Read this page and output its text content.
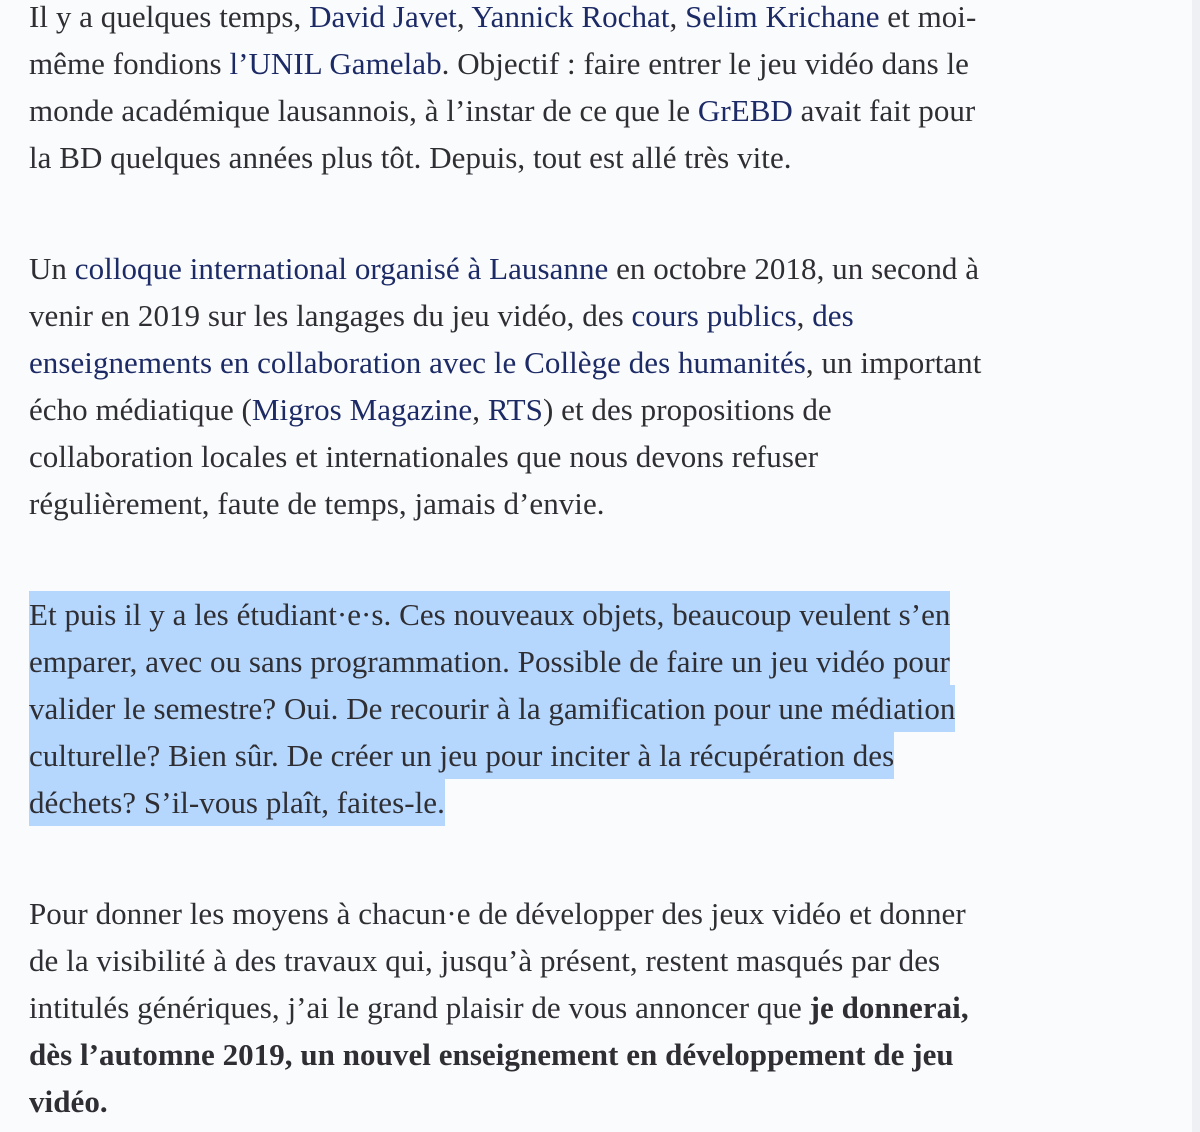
Il y a quelques temps, David Javet, Yannick Rochat, Selim Krichane et moi-
même fondions l’UNIL Gamelab. Objectif : faire entrer le jeu vidéo dans le
monde académique lausannois, à l’instar de ce que le GrEBD avait fait pour
la BD quelques années plus tôt. Depuis, tout est allé très vite.
Un colloque international organisé à Lausanne en octobre 2018, un second à
venir en 2019 sur les langages du jeu vidéo, des cours publics, des
enseignements en collaboration avec le Collège des humanités, un important
écho médiatique (Migros Magazine, RTS) et des propositions de
collaboration locales et internationales que nous devons refuser
régulièrement, faute de temps, jamais d’envie.
Et puis il y a les étudiant·e·s. Ces nouveaux objets, beaucoup veulent s’en
emparer, avec ou sans programmation. Possible de faire un jeu vidéo pour
valider le semestre? Oui. De recourir à la gamification pour une médiation
culturelle? Bien sûr. De créer un jeu pour inciter à la récupération des
déchets? S’il-vous plaît, faites-le.
Pour donner les moyens à chacun·e de développer des jeux vidéo et donner
de la visibilité à des travaux qui, jusqu’à présent, restent masqués par des
intitulés génériques, j’ai le grand plaisir de vous annoncer que je donnerai,
dès l’automne 2019, un nouvel enseignement en développement de jeu
vidéo.
